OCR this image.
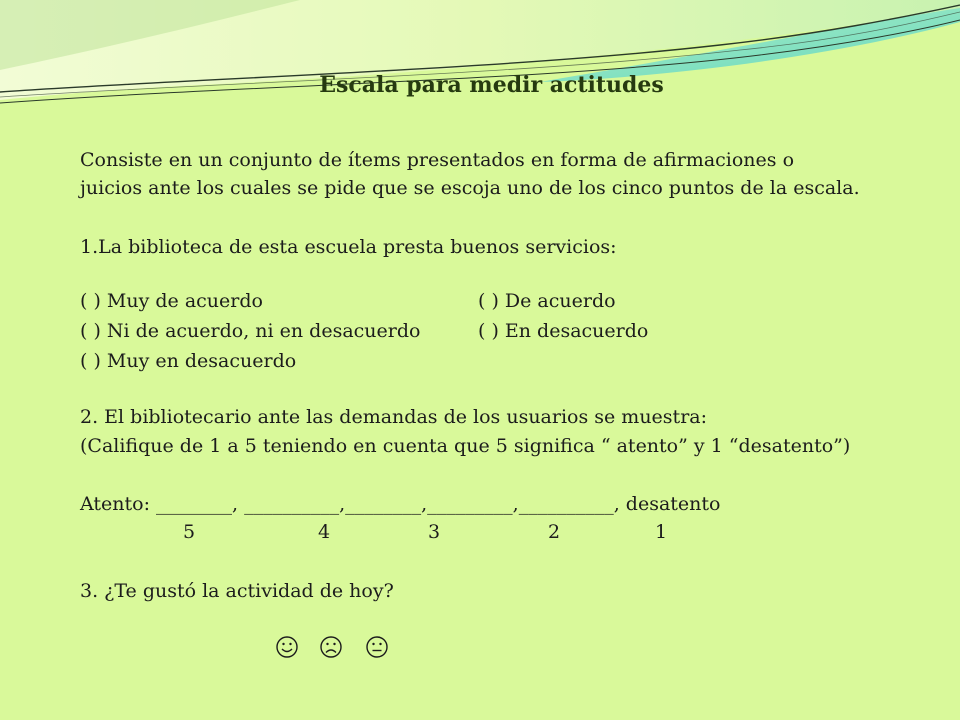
Escala para medir actitudes
Consiste en un conjunto de ítems presentados en forma de afirmaciones o
juicios ante los cuales se pide que se escoja uno de los cinco puntos de la escala.
1.La biblioteca de esta escuela presta buenos servicios:
( ) Muy de acuerdo	( ) De acuerdo
( ) Ni de acuerdo, ni en desacuerdo	( ) En desacuerdo
( ) Muy en desacuerdo
2. El bibliotecario ante las demandas de los usuarios se muestra:
(Califique de 1 a 5 teniendo en cuenta que 5 significa “ atento” y 1 “desatento”)
Atento: ________, __________,________,_________,__________, desatento
5	4	3	2	1
3. ¿Te gustó la actividad de hoy?
